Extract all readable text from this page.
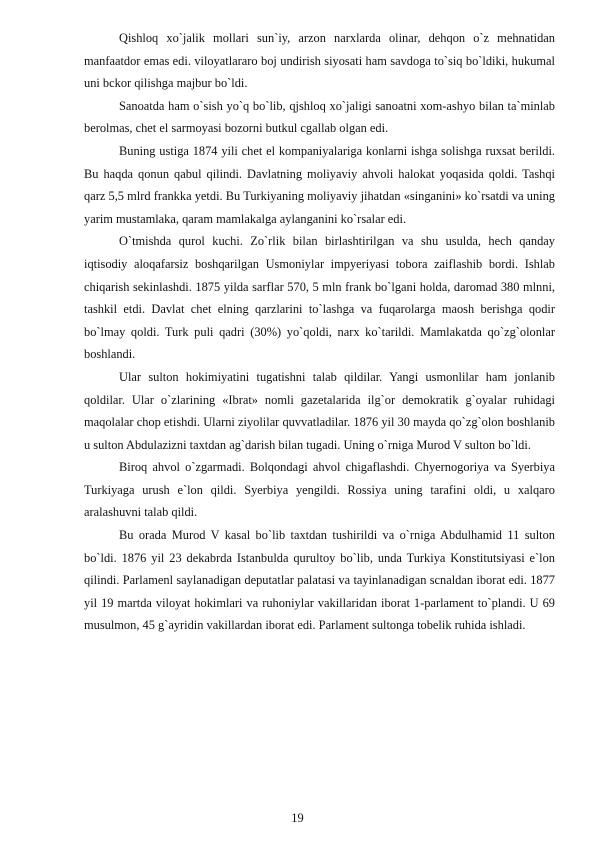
Qishloq xo`jalik mollari sun`iy, arzon narxlarda olinar, dehqon o`z mehnatidan manfaatdor emas edi. viloyatlararo boj undirish siyosati ham savdoga to`siq bo`ldiki, hukumal uni bckor qilishga majbur bo`ldi.

Sanoatda ham o`sish yo`q bo`lib, qjshloq xo`jaligi sanoatni xom-ashyo bilan ta`minlab berolmas, chet el sarmoyasi bozorni butkul cgallab olgan edi.

Buning ustiga 1874 yili chet el kompaniyalariga konlarni ishga solishga ruxsat berildi. Bu haqda qonun qabul qilindi. Davlatning moliyaviy ahvoli halokat yoqasida qoldi. Tashqi qarz 5,5 mlrd frankka yetdi. Bu Turkiyaning moliyaviy jihatdan «singanini» ko`rsatdi va uning yarim mustamlaka, qaram mamlakalga aylanganini ko`rsalar edi.

O`tmishda qurol kuchi. Zo`rlik bilan birlashtirilgan va shu usulda, hech qanday iqtisodiy aloqafarsiz boshqarilgan Usmoniylar impyeriyasi tobora zaiflashib bordi. Ishlab chiqarish sekinlashdi. 1875 yilda sarflar 570, 5 mln frank bo`lgani holda, daromad 380 mlnni, tashkil etdi. Davlat chet elning qarzlarini to`lashga va fuqarolarga maosh berishga qodir bo`lmay qoldi. Turk puli qadri (30%) yo`qoldi, narx ko`tarildi. Mamlakatda qo`zg`olonlar boshlandi.

Ular sulton hokimiyatini tugatishni talab qildilar. Yangi usmonlilar ham jonlanib qoldilar. Ular o`zlarining «Ibrat» nomli gazetalarida ilg`or demokratik g`oyalar ruhidagi maqolalar chop etishdi. Ularni ziyolilar quvvatladilar. 1876 yil 30 mayda qo`zg`olon boshlanib u sulton Abdulazizni taxtdan ag`darish bilan tugadi. Uning o`rniga Murod V sulton bo`ldi.

Biroq ahvol o`zgarmadi. Bolqondagi ahvol chigaflashdi. Chyernogoriya va Syerbiya Turkiyaga urush e`lon qildi. Syerbiya yengildi. Rossiya uning tarafini oldi, u xalqaro aralashuvni talab qildi.

Bu orada Murod V kasal bo`lib taxtdan tushirildi va o`rniga Abdulhamid 11 sulton bo`ldi. 1876 yil 23 dekabrda Istanbulda qurultoy bo`lib, unda Turkiya Konstitutsiyasi e`lon qilindi. Parlamenl saylanadigan deputatlar palatasi va tayinlanadigan scnaldan iborat edi. 1877 yil 19 martda viloyat hokimlari va ruhoniylar vakillaridan iborat 1-parlament to`plandi. U 69 musulmon, 45 g`ayridin vakillardan iborat edi. Parlament sultonga tobelik ruhida ishladi.

19
